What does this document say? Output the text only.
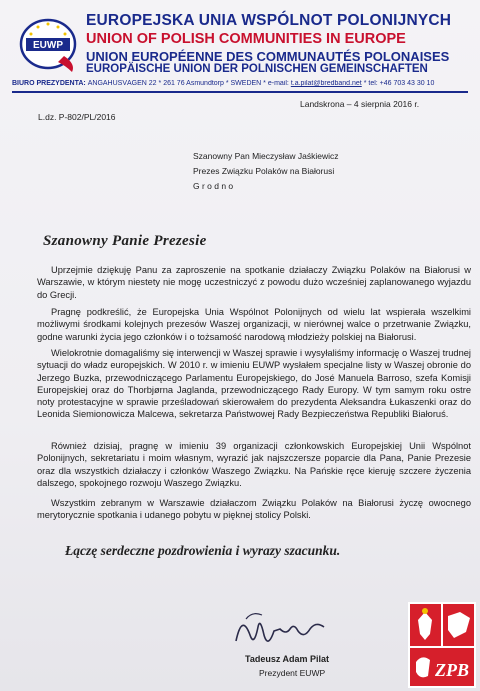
EUWP
EUROPEJSKA UNIA WSPÓLNOT POLONIJNYCH
UNION OF POLISH COMMUNITIES IN EUROPE
UNION EUROPÉENNE DES COMMUNAUTÉS POLONAISES
EUROPÄISCHE UNION DER POLNISCHEN GEMEINSCHAFTEN
BIURO PREZYDENTA: ÄNGAHUSVÄGEN 22 * 261 76 Asmundtorp * SWEDEN * e-mail: t.a.pilat@bredband.net * tel: +46 703 43 30 10
Landskrona – 4 sierpnia 2016 r.
L.dz. P-802/PL/2016
Szanowny Pan Mieczysław Jaśkiewicz
Prezes Związku Polaków na Białorusi
G r o d n o
Szanowny Panie Prezesie
Uprzejmie dziękuję Panu za zaproszenie na spotkanie działaczy Związku Polaków na Białorusi w Warszawie, w którym niestety nie mogę uczestniczyć z powodu dużo wcześniej zaplanowanego wyjazdu do Grecji.
Pragnę podkreślić, że Europejska Unia Wspólnot Polonijnych od wielu lat wspierała wszelkimi możliwymi środkami kolejnych prezesów Waszej organizacji, w nierównej walce o przetrwanie Związku, godne warunki życia jego członków i o tożsamość narodową młodzieży polskiej na Białorusi.
Wielokrotnie domagaliśmy się interwencji w Waszej sprawie i wysyłaliśmy informację o Waszej trudnej sytuacji do władz europejskich. W 2010 r. w imieniu EUWP wysłałem specjalne listy w Waszej obronie do Jerzego Buzka, przewodniczącego Parlamentu Europejskiego, do José Manuela Barroso, szefa Komisji Europejskiej oraz do Thorbjørna Jaglanda, przewodniczącego Rady Europy. W tym samym roku ostre noty protestacyjne w sprawie prześladowań skierowałem do prezydenta Aleksandra Łukaszenki oraz do Leonida Siemionowicza Malcewa, sekretarza Państwowej Rady Bezpieczeństwa Republiki Białoruś.
Również dzisiaj, pragnę w imieniu 39 organizacji członkowskich Europejskiej Unii Wspólnot Polonijnych, sekretariatu i moim własnym, wyrazić jak najszczersze poparcie dla Pana, Panie Prezesie oraz dla wszystkich działaczy i członków Waszego Związku. Na Pańskie ręce kieruję szczere życzenia dalszego, spokojnego rozwoju Waszego Związku.
Wszystkim zebranym w Warszawie działaczom Związku Polaków na Białorusi życzę owocnego merytorycznie spotkania i udanego pobytu w pięknej stolicy Polski.
Łączę serdeczne pozdrowienia i wyrazy szacunku.
Tadeusz Adam Pilat
Prezydent EUWP	ZPB
